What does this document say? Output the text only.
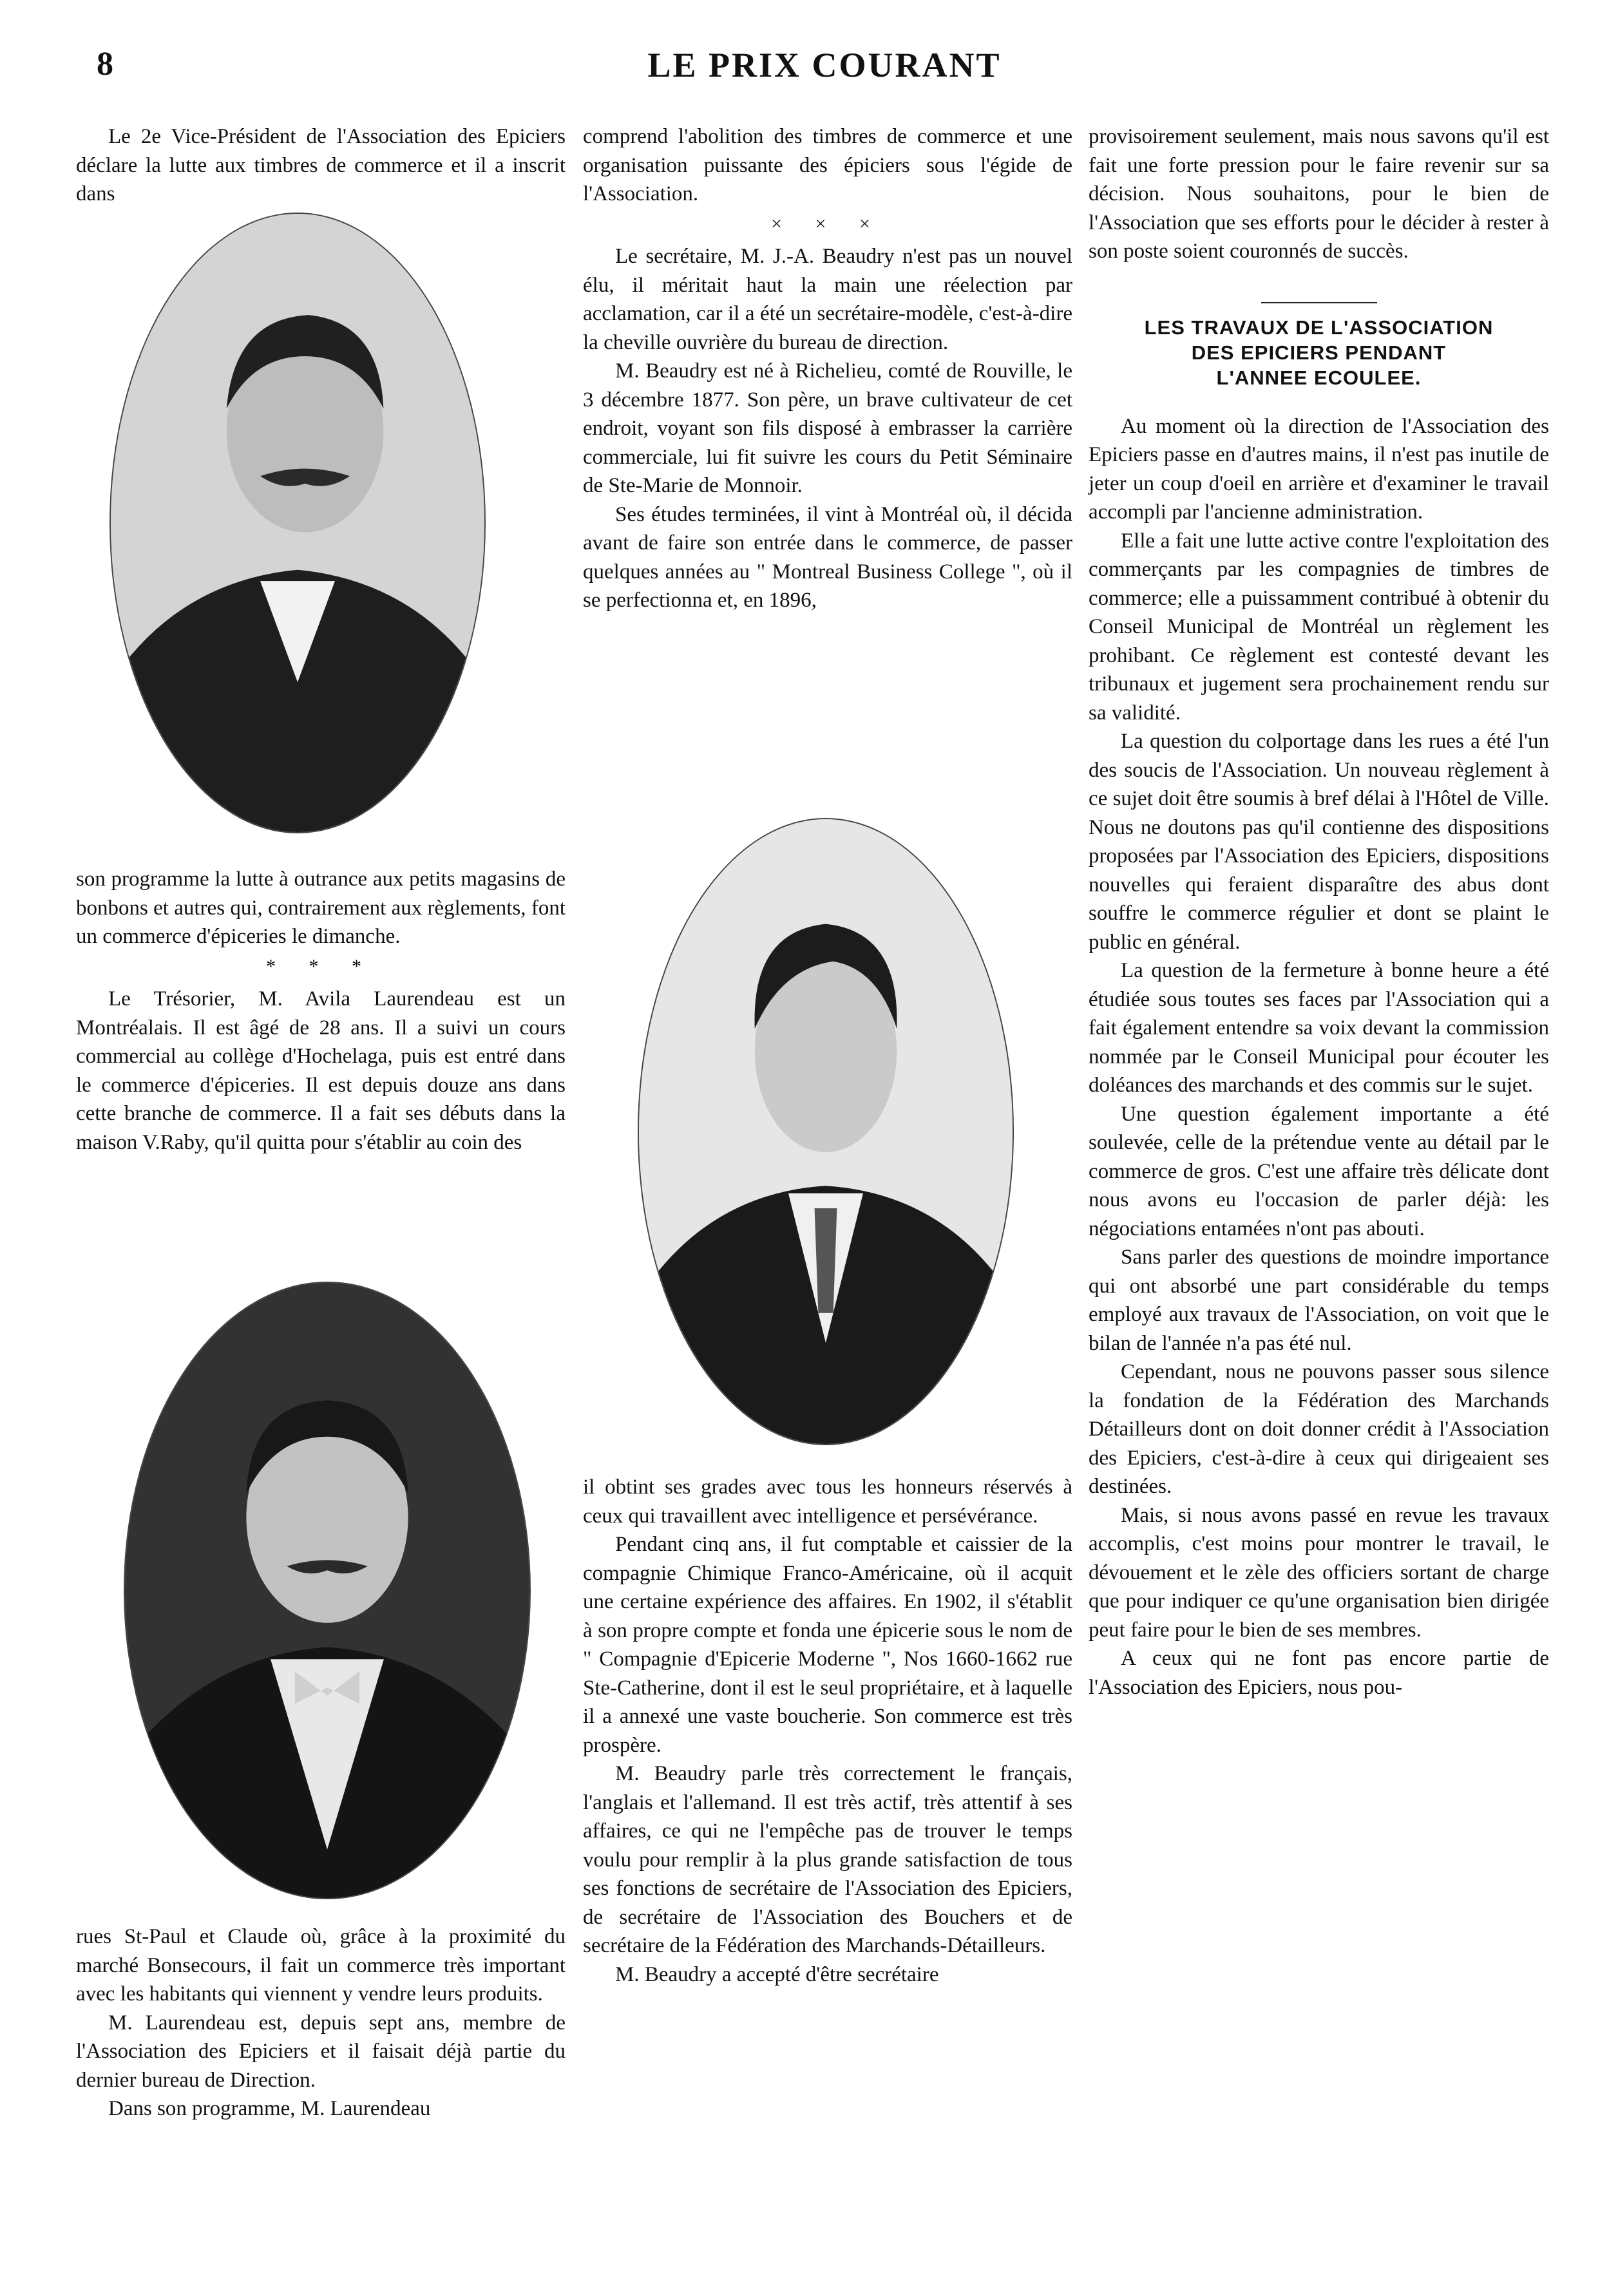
8	LE PRIX COURANT

Le 2e Vice-Président de l'Association des Epiciers déclare la lutte aux timbres de commerce et il a inscrit dans

son programme la lutte à outrance aux petits magasins de bonbons et autres qui, contrairement aux règlements, font un commerce d'épiceries le dimanche.

* * *

Le Trésorier, M. Avila Laurendeau est un Montréalais. Il est âgé de 28 ans. Il a suivi un cours commercial au collège d'Hochelaga, puis est entré dans le commerce d'épiceries. Il est depuis douze ans dans cette branche de commerce. Il a fait ses débuts dans la maison V.Raby, qu'il quitta pour s'établir au coin des

rues St-Paul et Claude où, grâce à la proximité du marché Bonsecours, il fait un commerce très important avec les habitants qui viennent y vendre leurs produits.

M. Laurendeau est, depuis sept ans, membre de l'Association des Epiciers et il faisait déjà partie du dernier bureau de Direction.

Dans son programme, M. Laurendeau

comprend l'abolition des timbres de commerce et une organisation puissante des épiciers sous l'égide de l'Association.

× × ×

Le secrétaire, M. J.-A. Beaudry n'est pas un nouvel élu, il méritait haut la main une réelection par acclamation, car il a été un secrétaire-modèle, c'est-à-dire la cheville ouvrière du bureau de direction.

M. Beaudry est né à Richelieu, comté de Rouville, le 3 décembre 1877. Son père, un brave cultivateur de cet endroit, voyant son fils disposé à embrasser la carrière commerciale, lui fit suivre les cours du Petit Séminaire de Ste-Marie de Monnoir.

Ses études terminées, il vint à Montréal où, il décida avant de faire son entrée dans le commerce, de passer quelques années au " Montreal Business College ", où il se perfectionna et, en 1896,

il obtint ses grades avec tous les honneurs réservés à ceux qui travaillent avec intelligence et persévérance.

Pendant cinq ans, il fut comptable et caissier de la compagnie Chimique Franco-Américaine, où il acquit une certaine expérience des affaires. En 1902, il s'établit à son propre compte et fonda une épicerie sous le nom de " Compagnie d'Epicerie Moderne ", Nos 1660-1662 rue Ste-Catherine, dont il est le seul propriétaire, et à laquelle il a annexé une vaste boucherie. Son commerce est très prospère.

M. Beaudry parle très correctement le français, l'anglais et l'allemand. Il est très actif, très attentif à ses affaires, ce qui ne l'empêche pas de trouver le temps voulu pour remplir à la plus grande satisfaction de tous ses fonctions de secrétaire de l'Association des Epiciers, de secrétaire de l'Association des Bouchers et de secrétaire de la Fédération des Marchands-Détailleurs.

M. Beaudry a accepté d'être secrétaire

provisoirement seulement, mais nous savons qu'il est fait une forte pression pour le faire revenir sur sa décision. Nous souhaitons, pour le bien de l'Association que ses efforts pour le décider à rester à son poste soient couronnés de succès.

LES TRAVAUX DE L'ASSOCIATION
DES EPICIERS PENDANT
L'ANNEE ECOULEE.

Au moment où la direction de l'Association des Epiciers passe en d'autres mains, il n'est pas inutile de jeter un coup d'oeil en arrière et d'examiner le travail accompli par l'ancienne administration.

Elle a fait une lutte active contre l'exploitation des commerçants par les compagnies de timbres de commerce; elle a puissamment contribué à obtenir du Conseil Municipal de Montréal un règlement les prohibant. Ce règlement est contesté devant les tribunaux et jugement sera prochainement rendu sur sa validité.

La question du colportage dans les rues a été l'un des soucis de l'Association. Un nouveau règlement à ce sujet doit être soumis à bref délai à l'Hôtel de Ville. Nous ne doutons pas qu'il contienne des dispositions proposées par l'Association des Epiciers, dispositions nouvelles qui feraient disparaître des abus dont souffre le commerce régulier et dont se plaint le public en général.

La question de la fermeture à bonne heure a été étudiée sous toutes ses faces par l'Association qui a fait également entendre sa voix devant la commission nommée par le Conseil Municipal pour écouter les doléances des marchands et des commis sur le sujet.

Une question également importante a été soulevée, celle de la prétendue vente au détail par le commerce de gros. C'est une affaire très délicate dont nous avons eu l'occasion de parler déjà: les négociations entamées n'ont pas abouti.

Sans parler des questions de moindre importance qui ont absorbé une part considérable du temps employé aux travaux de l'Association, on voit que le bilan de l'année n'a pas été nul.

Cependant, nous ne pouvons passer sous silence la fondation de la Fédération des Marchands Détailleurs dont on doit donner crédit à l'Association des Epiciers, c'est-à-dire à ceux qui dirigeaient ses destinées.

Mais, si nous avons passé en revue les travaux accomplis, c'est moins pour montrer le travail, le dévouement et le zèle des officiers sortant de charge que pour indiquer ce qu'une organisation bien dirigée peut faire pour le bien de ses membres.

A ceux qui ne font pas encore partie de l'Association des Epiciers, nous pou-
